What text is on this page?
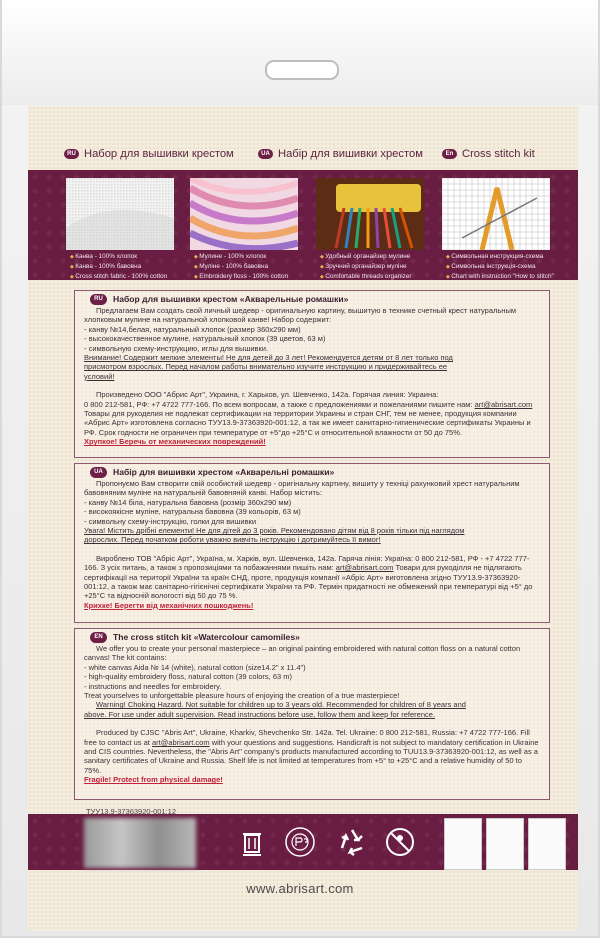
RU Набор для вышивки крестом	UA Набір для вишивки хрестом	En Cross stitch kit
◆ Канва - 100% хлопок
◆ Канва - 100% бавовна
◆ Cross stitch fabric - 100% cotton
◆ Мулине - 100% хлопок
◆ Муліне - 100% бавовна
◆ Embroidery floss - 100% cotton
◆ Удобный органайзер мулине
◆ Зручний органайзер муліне
◆ Comfortable threads organizer
◆ Символьная инструкция-схема
◆ Символьна інструкція-схема
◆ Chart with instruction "How to stitch"
RU	Набор для вышивки крестом «Акварельные ромашки»

Предлагаем Вам создать свой личный шедевр - оригинальную картину, вышитую в технике счетный крест натуральным хлопковым мулине на натуральной хлопковой канве! Набор содержит:

- канву №14,белая, натуральный хлопок (размер 360х290 мм)

- высококачественное мулине, натуральный хлопок (39 цветов, 63 м)

- символьную схему-инструкцию, иглы для вышивки.

Внимание! Содержит мелкие элементы! Не для детей до 3 лет! Рекомендуется детям от 8 лет только под

присмотром взрослых. Перед началом работы внимательно изучите инструкцию и придерживайтесь ее

условий!

Произведено ООО "Абрис Арт", Украина, г. Харьков, ул. Шевченко, 142а. Горячая линия: Украина:

0 800 212-581, РФ: +7 4722 777-166. По всем вопросам, а также с предложениями и пожеланиями пишите нам: art@abrisart.com Товары для рукоделия не подлежат сертификации на территории Украины и стран СНГ, тем не менее, продукция компании «Абрис Арт» изготовлена согласно ТУУ13.9-37363920-001:12, а так же имеет санитарно-гигиенические сертификаты Украины и РФ. Срок годности не ограничен при температуре от +5°до +25°С и относительной влажности от 50 до 75%.

Хрупкое! Беречь от механических повреждений!

UA	Набір для вишивки хрестом «Акварельні ромашки»

Пропонуємо Вам створити свій особистий шедевр - оригінальну картину, вишиту у техніці рахунковий хрест натуральним бавовняним муліне на натуральній бавовняній канві. Набор містить:

- канву №14 біла, натуральна бавовна (розмір 360х290 мм)

- високоякісне муліне, натуральна бавовна (39 кольорів, 63 м)

- символьну схему-інструкцію, голки для вишивки

Увага! Містить дрібні елементи! Не для дітей до 3 років. Рекомендовано дітям від 8 років тільки під наглядом

дорослих. Перед початком роботи уважно вивчіть інструкцію і дотримуйтесь її вимог!

Виробленo ТОВ "Абріс Арт", Україна, м. Харків, вул. Шевченка, 142а. Гаряча лінія: Україна: 0 800 212-581, РФ - +7 4722 777-166. З усіх питань, а також з пропозиціями та побажаннями пишіть нам: art@abrisart.com Товари для рукоділля не підлягають сертифікації на території України та країн СНД, проте, продукція компанії «Абріс Арт» виготовлена згідно ТУУ13.9-37363920-001:12, а також має санітарно-гігієнічні сертифікати України та РФ. Термін придатності не обмежений при температурі від +5° до +25°С та відносній вологості від 50 до 75 %.

Крихке! Берегти від механічних пошкоджень!

EN	The cross stitch kit «Watercolour camomiles»

We offer you to create your personal masterpiece – an original painting embroidered with natural cotton floss on a natural cotton canvas! The kit contains:

- white canvas Aida № 14 (white), natural cotton (size14.2" x 11.4")

- high-quality embroidery floss, natural cotton (39 colors, 63 m)

- instructions and needles for embroidery.

Treat yourselves to unforgettable pleasure hours of enjoying the creation of a true masterpiece!

Warning! Choking Hazard. Not suitable for children up to 3 years old. Recommended for children of 8 years and

above. For use under adult supervision. Read instructions before use, follow them and keep for reference.

Produced by CJSC "Abris Art", Ukraine, Kharkiv, Shevchenko Str. 142a. Tel. Ukraine: 0 800 212-581, Russia: +7 4722 777-166. Fill free to contact us at art@abrisart.com with your questions and suggestions. Handicraft is not subject to mandatory certification in Ukraine and CIS countries. Nevertheless, the "Abris Art" company's products manufactured according to TUU13.9-37363920-001:12, as well as a sanitary certificates of Ukraine and Russia. Shelf life is not limited at temperatures from +5° to +25°C and a relative humidity of 50 to 75%.

Fragile! Protect from physical damage!

ТУУ13.9-37363920-001:12
www.abrisart.com
